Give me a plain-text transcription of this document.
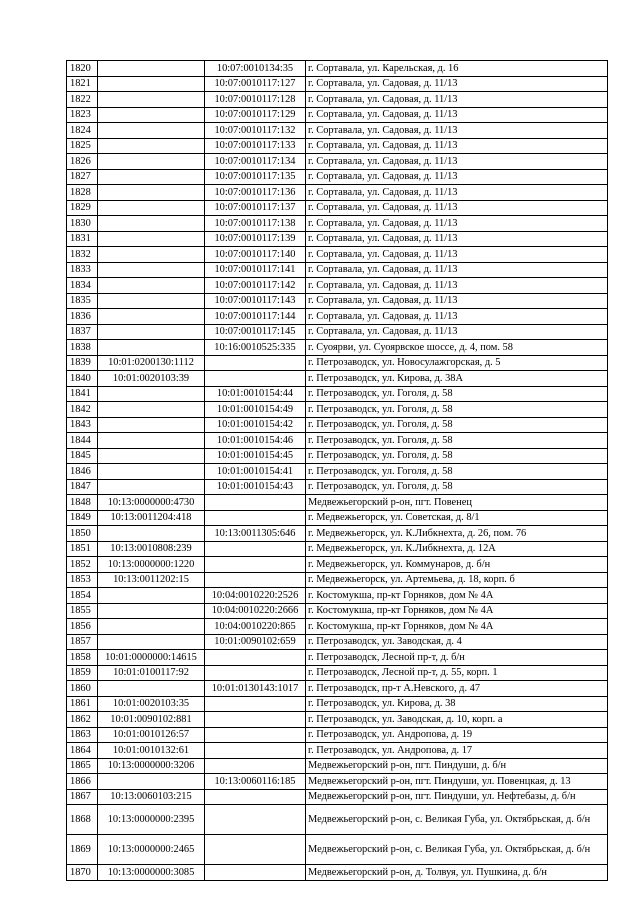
1820		10:07:0010134:35	г. Сортавала, ул. Карельская, д. 16
1821		10:07:0010117:127	г. Сортавала, ул. Садовая, д. 11/13
1822		10:07:0010117:128	г. Сортавала, ул. Садовая, д. 11/13
1823		10:07:0010117:129	г. Сортавала, ул. Садовая, д. 11/13
1824		10:07:0010117:132	г. Сортавала, ул. Садовая, д. 11/13
1825		10:07:0010117:133	г. Сортавала, ул. Садовая, д. 11/13
1826		10:07:0010117:134	г. Сортавала, ул. Садовая, д. 11/13
1827		10:07:0010117:135	г. Сортавала, ул. Садовая, д. 11/13
1828		10:07:0010117:136	г. Сортавала, ул. Садовая, д. 11/13
1829		10:07:0010117:137	г. Сортавала, ул. Садовая, д. 11/13
1830		10:07:0010117:138	г. Сортавала, ул. Садовая, д. 11/13
1831		10:07:0010117:139	г. Сортавала, ул. Садовая, д. 11/13
1832		10:07:0010117:140	г. Сортавала, ул. Садовая, д. 11/13
1833		10:07:0010117:141	г. Сортавала, ул. Садовая, д. 11/13
1834		10:07:0010117:142	г. Сортавала, ул. Садовая, д. 11/13
1835		10:07:0010117:143	г. Сортавала, ул. Садовая, д. 11/13
1836		10:07:0010117:144	г. Сортавала, ул. Садовая, д. 11/13
1837		10:07:0010117:145	г. Сортавала, ул. Садовая, д. 11/13
1838		10:16:0010525:335	г. Суоярви, ул. Суоярвское шоссе, д. 4, пом. 58
1839	10:01:0200130:1112		г. Петрозаводск, ул. Новосулажгорская, д. 5
1840	10:01:0020103:39		г. Петрозаводск, ул. Кирова, д. 38А
1841		10:01:0010154:44	г. Петрозаводск, ул. Гоголя, д. 58
1842		10:01:0010154:49	г. Петрозаводск, ул. Гоголя, д. 58
1843		10:01:0010154:42	г. Петрозаводск, ул. Гоголя, д. 58
1844		10:01:0010154:46	г. Петрозаводск, ул. Гоголя, д. 58
1845		10:01:0010154:45	г. Петрозаводск, ул. Гоголя, д. 58
1846		10:01:0010154:41	г. Петрозаводск, ул. Гоголя, д. 58
1847		10:01:0010154:43	г. Петрозаводск, ул. Гоголя, д. 58
1848	10:13:0000000:4730		Медвежьегорский р-он, пгт. Повенец
1849	10:13:0011204:418		г. Медвежьегорск, ул. Советская, д. 8/1
1850		10:13:0011305:646	г. Медвежьегорск, ул. К.Либкнехта, д. 26, пом. 76
1851	10:13:0010808:239		г. Медвежьегорск, ул. К.Либкнехта, д. 12А
1852	10:13:0000000:1220		г. Медвежьегорск, ул. Коммунаров, д. б/н
1853	10:13:0011202:15		г. Медвежьегорск, ул. Артемьева, д. 18, корп. б
1854		10:04:0010220:2526	г. Костомукша, пр-кт Горняков, дом № 4А
1855		10:04:0010220:2666	г. Костомукша, пр-кт Горняков, дом № 4А
1856		10:04:0010220:865	г. Костомукша, пр-кт Горняков, дом № 4А
1857		10:01:0090102:659	г. Петрозаводск, ул. Заводская, д. 4
1858	10:01:0000000:14615		г. Петрозаводск, Лесной пр-т, д. б/н
1859	10:01:0100117:92		г. Петрозаводск, Лесной пр-т, д. 55, корп. 1
1860		10:01:0130143:1017	г. Петрозаводск, пр-т А.Невского, д. 47
1861	10:01:0020103:35		г. Петрозаводск, ул. Кирова, д. 38
1862	10:01:0090102:881		г. Петрозаводск, ул. Заводская, д. 10, корп. а
1863	10:01:0010126:57		г. Петрозаводск, ул. Андропова, д. 19
1864	10:01:0010132:61		г. Петрозаводск, ул. Андропова, д. 17
1865	10:13:0000000:3206		Медвежьегорский р-он, пгт. Пиндуши, д. б/н
1866		10:13:0060116:185	Медвежьегорский р-он, пгт. Пиндуши, ул. Повенцкая, д. 13
1867	10:13:0060103:215		Медвежьегорский р-он, пгт. Пиндуши, ул. Нефтебазы, д. б/н
1868	10:13:0000000:2395		Медвежьегорский р-он, с. Великая Губа, ул. Октябрьская, д. б/н
1869	10:13:0000000:2465		Медвежьегорский р-он, с. Великая Губа, ул. Октябрьская, д. б/н
1870	10:13:0000000:3085		Медвежьегорский р-он, д. Толвуя, ул. Пушкина, д. б/н
